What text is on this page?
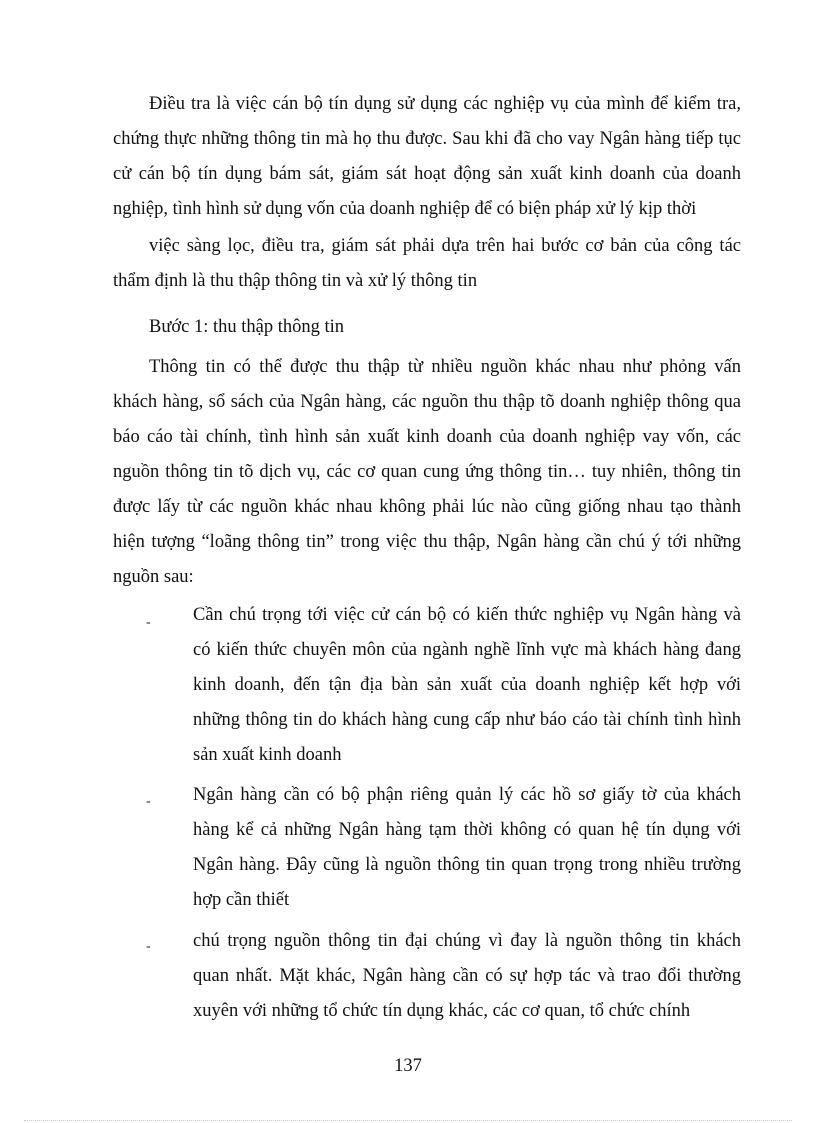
Điều tra là việc cán bộ tín dụng sử dụng các nghiệp vụ của mình để kiểm tra,
chứng thực những thông tin mà họ thu được. Sau khi đã cho vay Ngân hàng tiếp tục
cử cán bộ tín dụng bám sát, giám sát hoạt động sản xuất kinh doanh của doanh
nghiệp, tình hình sử dụng vốn của doanh nghiệp để có biện pháp xử lý kịp thời
việc sàng lọc, điều tra, giám sát phải dựa trên hai bước cơ bản của công tác
thẩm định là thu thập thông tin và xử lý thông tin
Bước 1: thu thập thông tin
Thông tin có thể được thu thập từ nhiều nguồn khác nhau như phỏng vấn
khách hàng, sổ sách của Ngân hàng, các nguồn thu thập tõ doanh nghiệp thông qua
báo cáo tài chính, tình hình sản xuất kinh doanh của doanh nghiệp vay vốn, các
nguồn thông tin tõ dịch vụ, các cơ quan cung ứng thông tin… tuy nhiên, thông tin
được lấy từ các nguồn khác nhau không phải lúc nào cũng giống nhau tạo thành
hiện tượng “loãng thông tin” trong việc thu thập, Ngân hàng cần chú ý tới những
nguồn sau:
- Cần chú trọng tới việc cử cán bộ có kiến thức nghiệp vụ Ngân hàng và
có kiến thức chuyên môn của ngành nghề lĩnh vực mà khách hàng đang
kinh doanh, đến tận địa bàn sản xuất của doanh nghiệp kết hợp với
những thông tin do khách hàng cung cấp như báo cáo tài chính tình hình
sản xuất kinh doanh
- Ngân hàng cần có bộ phận riêng quản lý các hồ sơ giấy tờ của khách
hàng kể cả những Ngân hàng tạm thời không có quan hệ tín dụng với
Ngân hàng. Đây cũng là nguồn thông tin quan trọng trong nhiều trường
hợp cần thiết
- chú trọng nguồn thông tin đại chúng vì đay là nguồn thông tin khách
quan nhất. Mặt khác, Ngân hàng cần có sự hợp tác và trao đổi thường
xuyên với những tổ chức tín dụng khác, các cơ quan, tổ chức chính
137
